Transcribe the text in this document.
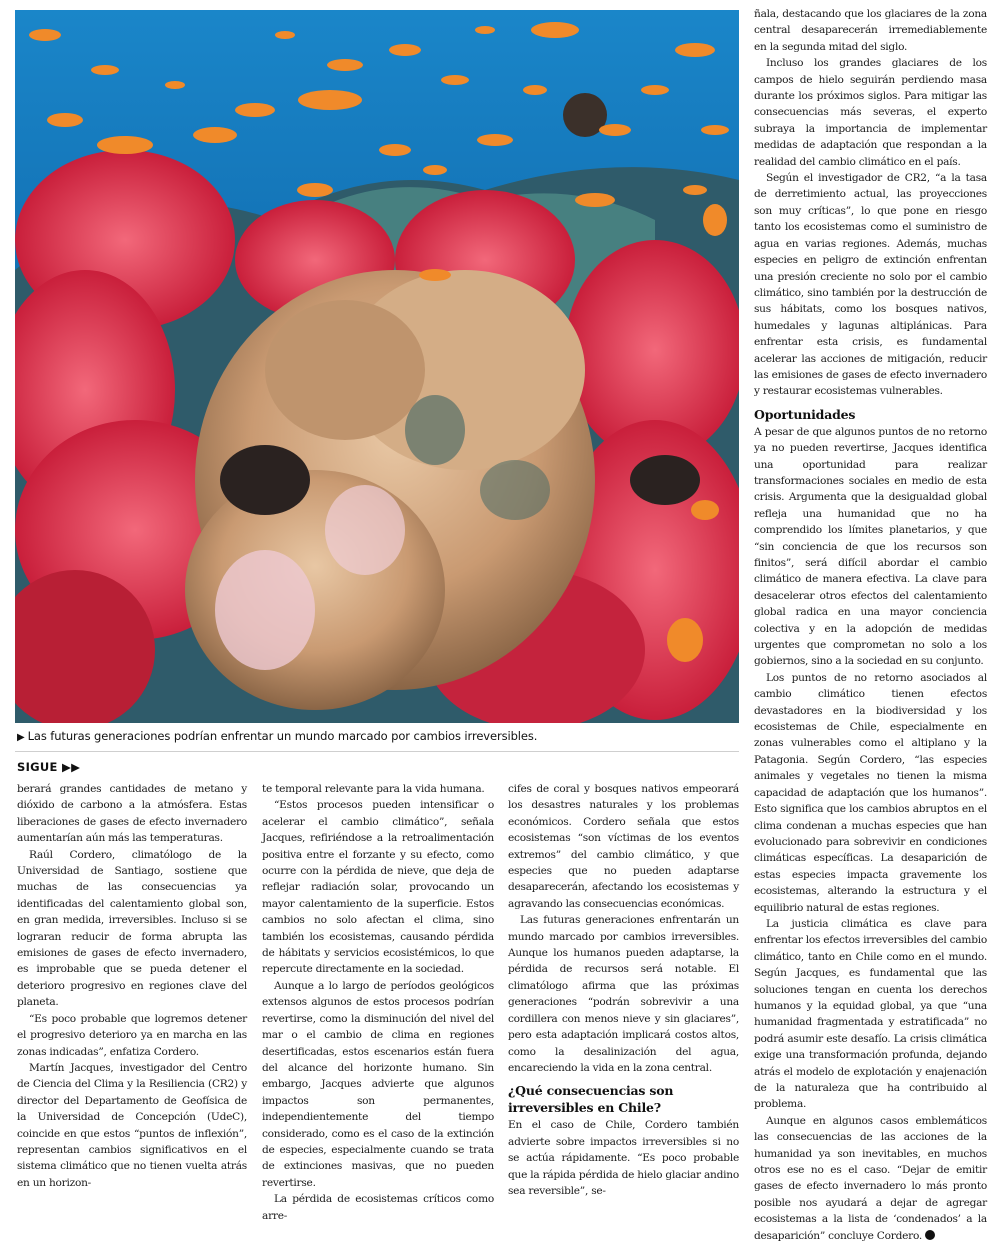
▶ Las futuras generaciones podrían enfrentar un mundo marcado por cambios irreversibles.
SIGUE ▶▶

berará grandes cantidades de metano y dióxido de carbono a la atmósfera. Estas liberaciones de gases de efecto invernadero aumentarían aún más las temperaturas.

Raúl Cordero, climatólogo de la Universidad de Santiago, sostiene que muchas de las consecuencias ya identificadas del calentamiento global son, en gran medida, irreversibles. Incluso si se lograran reducir de forma abrupta las emisiones de gases de efecto invernadero, es improbable que se pueda detener el deterioro progresivo en regiones clave del planeta.

“Es poco probable que logremos detener el progresivo deterioro ya en marcha en las zonas indicadas”, enfatiza Cordero.

Martín Jacques, investigador del Centro de Ciencia del Clima y la Resiliencia (CR2) y director del Departamento de Geofísica de la Universidad de Concepción (UdeC), coincide en que estos “puntos de inflexión”, representan cambios significativos en el sistema climático que no tienen vuelta atrás en un horizon-

te temporal relevante para la vida humana.

“Estos procesos pueden intensificar o acelerar el cambio climático”, señala Jacques, refiriéndose a la retroalimentación positiva entre el forzante y su efecto, como ocurre con la pérdida de nieve, que deja de reflejar radiación solar, provocando un mayor calentamiento de la superficie. Estos cambios no solo afectan el clima, sino también los ecosistemas, causando pérdida de hábitats y servicios ecosistémicos, lo que repercute directamente en la sociedad.

Aunque a lo largo de períodos geológicos extensos algunos de estos procesos podrían revertirse, como la disminución del nivel del mar o el cambio de clima en regiones desertificadas, estos escenarios están fuera del alcance del horizonte humano. Sin embargo, Jacques advierte que algunos impactos son permanentes, independientemente del tiempo considerado, como es el caso de la extinción de especies, especialmente cuando se trata de extinciones masivas, que no pueden revertirse.

La pérdida de ecosistemas críticos como arre-

cifes de coral y bosques nativos empeorará los desastres naturales y los problemas económicos. Cordero señala que estos ecosistemas “son víctimas de los eventos extremos” del cambio climático, y que especies que no pueden adaptarse desaparecerán, afectando los ecosistemas y agravando las consecuencias económicas.

Las futuras generaciones enfrentarán un mundo marcado por cambios irreversibles. Aunque los humanos pueden adaptarse, la pérdida de recursos será notable. El climatólogo afirma que las próximas generaciones “podrán sobrevivir a una cordillera con menos nieve y sin glaciares”, pero esta adaptación implicará costos altos, como la desalinización del agua, encareciendo la vida en la zona central.

¿Qué consecuencias son irreversibles en Chile?

En el caso de Chile, Cordero también advierte sobre impactos irreversibles si no se actúa rápidamente. “Es poco probable que la rápida pérdida de hielo glaciar andino sea reversible”, se-

ñala, destacando que los glaciares de la zona central desaparecerán irremediablemente en la segunda mitad del siglo.

Incluso los grandes glaciares de los campos de hielo seguirán perdiendo masa durante los próximos siglos. Para mitigar las consecuencias más severas, el experto subraya la importancia de implementar medidas de adaptación que respondan a la realidad del cambio climático en el país.

Según el investigador de CR2, “a la tasa de derretimiento actual, las proyecciones son muy críticas”, lo que pone en riesgo tanto los ecosistemas como el suministro de agua en varias regiones. Además, muchas especies en peligro de extinción enfrentan una presión creciente no solo por el cambio climático, sino también por la destrucción de sus hábitats, como los bosques nativos, humedales y lagunas altiplánicas. Para enfrentar esta crisis, es fundamental acelerar las acciones de mitigación, reducir las emisiones de gases de efecto invernadero y restaurar ecosistemas vulnerables.

Oportunidades

A pesar de que algunos puntos de no retorno ya no pueden revertirse, Jacques identifica una oportunidad para realizar transformaciones sociales en medio de esta crisis. Argumenta que la desigualdad global refleja una humanidad que no ha comprendido los límites planetarios, y que “sin conciencia de que los recursos son finitos”, será difícil abordar el cambio climático de manera efectiva. La clave para desacelerar otros efectos del calentamiento global radica en una mayor conciencia colectiva y en la adopción de medidas urgentes que comprometan no solo a los gobiernos, sino a la sociedad en su conjunto.

Los puntos de no retorno asociados al cambio climático tienen efectos devastadores en la biodiversidad y los ecosistemas de Chile, especialmente en zonas vulnerables como el altiplano y la Patagonia. Según Cordero, “las especies animales y vegetales no tienen la misma capacidad de adaptación que los humanos”. Esto significa que los cambios abruptos en el clima condenan a muchas especies que han evolucionado para sobrevivir en condiciones climáticas específicas. La desaparición de estas especies impacta gravemente los ecosistemas, alterando la estructura y el equilibrio natural de estas regiones.

La justicia climática es clave para enfrentar los efectos irreversibles del cambio climático, tanto en Chile como en el mundo. Según Jacques, es fundamental que las soluciones tengan en cuenta los derechos humanos y la equidad global, ya que “una humanidad fragmentada y estratificada” no podrá asumir este desafío. La crisis climática exige una transformación profunda, dejando atrás el modelo de explotación y enajenación de la naturaleza que ha contribuido al problema.

Aunque en algunos casos emblemáticos las consecuencias de las acciones de la humanidad ya son inevitables, en muchos otros ese no es el caso. “Dejar de emitir gases de efecto invernadero lo más pronto posible nos ayudará a dejar de agregar ecosistemas a la lista de ‘condenados’ a la desaparición” concluye Cordero.
